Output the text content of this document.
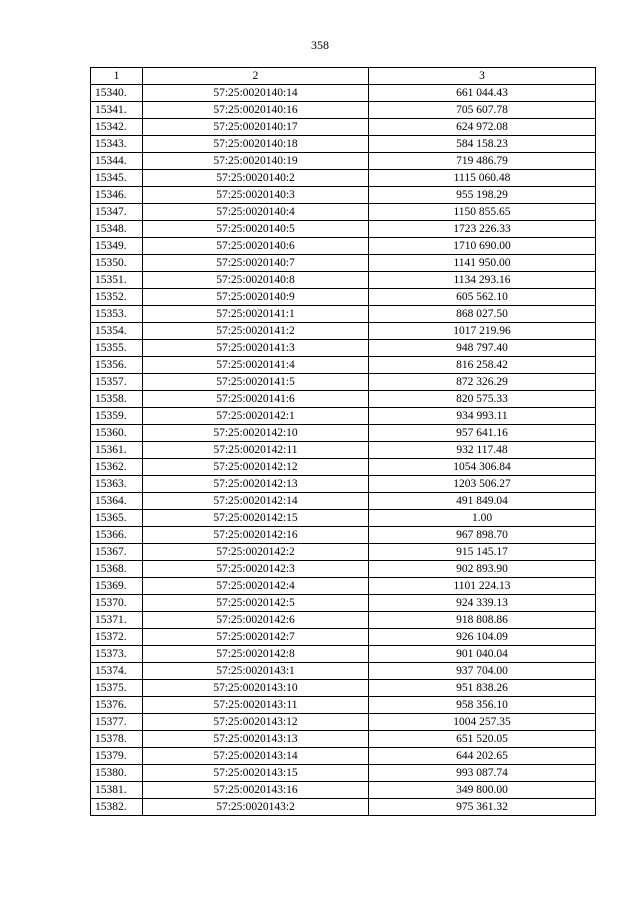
358
1	2	3
15340.	57:25:0020140:14	661 044.43
15341.	57:25:0020140:16	705 607.78
15342.	57:25:0020140:17	624 972.08
15343.	57:25:0020140:18	584 158.23
15344.	57:25:0020140:19	719 486.79
15345.	57:25:0020140:2	1115 060.48
15346.	57:25:0020140:3	955 198.29
15347.	57:25:0020140:4	1150 855.65
15348.	57:25:0020140:5	1723 226.33
15349.	57:25:0020140:6	1710 690.00
15350.	57:25:0020140:7	1141 950.00
15351.	57:25:0020140:8	1134 293.16
15352.	57:25:0020140:9	605 562.10
15353.	57:25:0020141:1	868 027.50
15354.	57:25:0020141:2	1017 219.96
15355.	57:25:0020141:3	948 797.40
15356.	57:25:0020141:4	816 258.42
15357.	57:25:0020141:5	872 326.29
15358.	57:25:0020141:6	820 575.33
15359.	57:25:0020142:1	934 993.11
15360.	57:25:0020142:10	957 641.16
15361.	57:25:0020142:11	932 117.48
15362.	57:25:0020142:12	1054 306.84
15363.	57:25:0020142:13	1203 506.27
15364.	57:25:0020142:14	491 849.04
15365.	57:25:0020142:15	1.00
15366.	57:25:0020142:16	967 898.70
15367.	57:25:0020142:2	915 145.17
15368.	57:25:0020142:3	902 893.90
15369.	57:25:0020142:4	1101 224.13
15370.	57:25:0020142:5	924 339.13
15371.	57:25:0020142:6	918 808.86
15372.	57:25:0020142:7	926 104.09
15373.	57:25:0020142:8	901 040.04
15374.	57:25:0020143:1	937 704.00
15375.	57:25:0020143:10	951 838.26
15376.	57:25:0020143:11	958 356.10
15377.	57:25:0020143:12	1004 257.35
15378.	57:25:0020143:13	651 520.05
15379.	57:25:0020143:14	644 202.65
15380.	57:25:0020143:15	993 087.74
15381.	57:25:0020143:16	349 800.00
15382.	57:25:0020143:2	975 361.32
